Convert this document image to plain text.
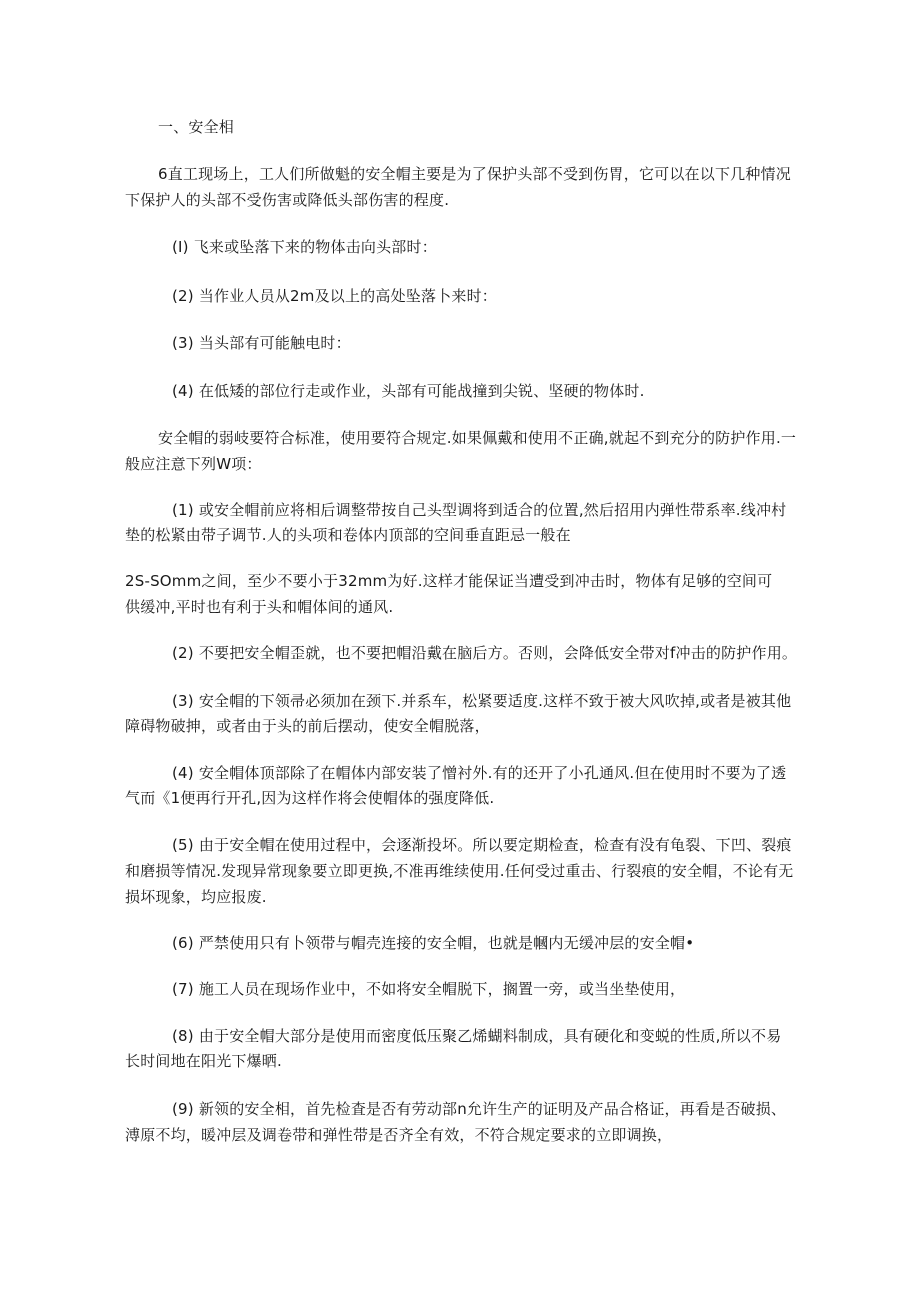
一、安全相
6直工现场上，工人们所做魁的安全帽主要是为了保护头部不受到伤胃，它可以在以下几种情况
下保护人的头部不受伤害或降低头部伤害的程度.
(I) 飞来或坠落下来的物体击向头部时：
(2) 当作业人员从2m及以上的高处坠落卜来时：
(3) 当头部有可能触电时：
(4) 在低矮的部位行走或作业，头部有可能战撞到尖锐、坚硬的物体时.
安全帽的弱岐要符合标准，使用要符合规定.如果佩戴和使用不正确,就起不到充分的防护作用.一
般应注意下列W项：
(1) 或安全帽前应将相后调整带按自己头型调将到适合的位置,然后招用内弹性带系率.线冲村
垫的松紧由带子调节.人的头项和卷体内顶部的空间垂直距忌一般在
2S-SOmm之间，至少不要小于32mm为好.这样才能保证当遭受到冲击时，物体有足够的空间可
供缓冲,平时也有利于头和帽体间的通风.
(2) 不要把安全帽歪就，也不要把帽沿戴在脑后方。否则，会降低安全带对f冲击的防护作用。
(3) 安全帽的下领帚必须加在颈下.并系车，松紧要适度.这样不致于被大风吹掉,或者是被其他
障碍物破抻，或者由于头的前后摆动，使安全帽脱落，
(4) 安全帽体顶部除了在帽体内部安装了憎衬外.有的还开了小孔通风.但在使用时不要为了透
气而《1便再行开孔,因为这样作将会使帽体的强度降低.
(5) 由于安全帽在使用过程中，会逐渐投坏。所以要定期检查，检查有没有龟裂、下凹、裂痕
和磨损等情况.发现异常现象要立即更换,不准再维续使用.任何受过重击、行裂痕的安全帽，不论有无
损坏现象，均应报废.
(6) 严禁使用只有卜领带与帽壳连接的安全帽，也就是幗内无缓冲层的安全帽•
(7) 施工人员在现场作业中，不如将安全帽脱下，搁置一旁，或当坐垫使用，
(8) 由于安全帽大部分是使用而密度低压聚乙烯蝴料制成，具有硬化和变蜕的性质,所以不易
长时间地在阳光下爆晒.
(9) 新领的安全相，首先检査是否有劳动部n允许生产的证明及产品合格证，再看是否破损、
溥原不均，暖冲层及调卷带和弹性带是否齐全有效，不符合规定要求的立即调换，
